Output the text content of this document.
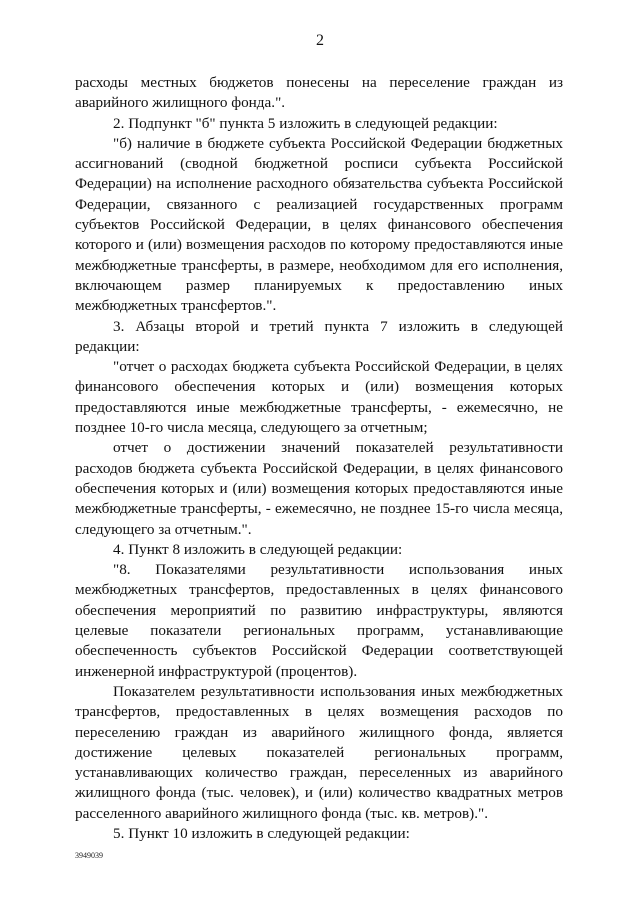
2

расходы местных бюджетов понесены на переселение граждан из аварийного жилищного фонда.".

2. Подпункт "б" пункта 5 изложить в следующей редакции:

"б) наличие в бюджете субъекта Российской Федерации бюджетных ассигнований (сводной бюджетной росписи субъекта Российской Федерации) на исполнение расходного обязательства субъекта Российской Федерации, связанного с реализацией государственных программ субъектов Российской Федерации, в целях финансового обеспечения которого и (или) возмещения расходов по которому предоставляются иные межбюджетные трансферты, в размере, необходимом для его исполнения, включающем размер планируемых к предоставлению иных межбюджетных трансфертов.".

3. Абзацы второй и третий пункта 7 изложить в следующей редакции:

"отчет о расходах бюджета субъекта Российской Федерации, в целях финансового обеспечения которых и (или) возмещения которых предоставляются иные межбюджетные трансферты, - ежемесячно, не позднее 10-го числа месяца, следующего за отчетным;

отчет о достижении значений показателей результативности расходов бюджета субъекта Российской Федерации, в целях финансового обеспечения которых и (или) возмещения которых предоставляются иные межбюджетные трансферты, - ежемесячно, не позднее 15-го числа месяца, следующего за отчетным.".

4. Пункт 8 изложить в следующей редакции:

"8. Показателями результативности использования иных межбюджетных трансфертов, предоставленных в целях финансового обеспечения мероприятий по развитию инфраструктуры, являются целевые показатели региональных программ, устанавливающие обеспеченность субъектов Российской Федерации соответствующей инженерной инфраструктурой (процентов).

Показателем результативности использования иных межбюджетных трансфертов, предоставленных в целях возмещения расходов по переселению граждан из аварийного жилищного фонда, является достижение целевых показателей региональных программ, устанавливающих количество граждан, переселенных из аварийного жилищного фонда (тыс. человек), и (или) количество квадратных метров расселенного аварийного жилищного фонда (тыс. кв. метров).".

5. Пункт 10 изложить в следующей редакции:

3949039
